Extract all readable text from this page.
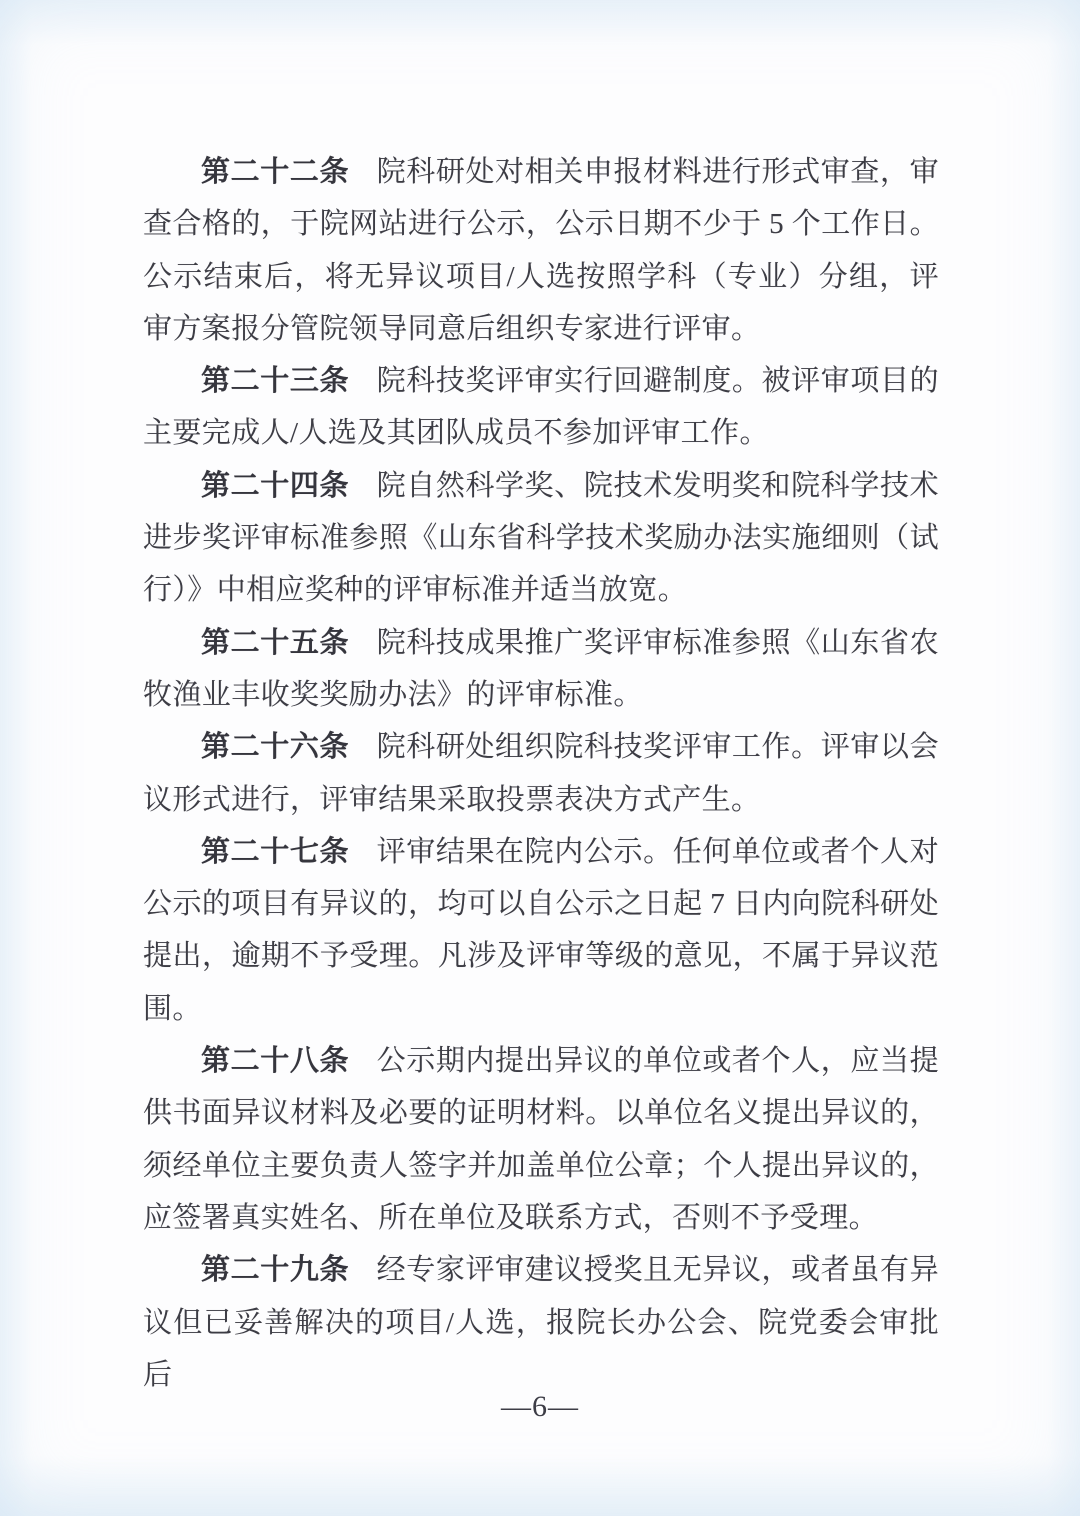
第二十二条 院科研处对相关申报材料进行形式审查，审查合格的，于院网站进行公示，公示日期不少于 5 个工作日。公示结束后，将无异议项目/人选按照学科（专业）分组，评审方案报分管院领导同意后组织专家进行评审。

第二十三条 院科技奖评审实行回避制度。被评审项目的主要完成人/人选及其团队成员不参加评审工作。

第二十四条 院自然科学奖、院技术发明奖和院科学技术进步奖评审标准参照《山东省科学技术奖励办法实施细则（试行）》中相应奖种的评审标准并适当放宽。

第二十五条 院科技成果推广奖评审标准参照《山东省农牧渔业丰收奖奖励办法》的评审标准。

第二十六条 院科研处组织院科技奖评审工作。评审以会议形式进行，评审结果采取投票表决方式产生。

第二十七条 评审结果在院内公示。任何单位或者个人对公示的项目有异议的，均可以自公示之日起 7 日内向院科研处提出，逾期不予受理。凡涉及评审等级的意见，不属于异议范围。

第二十八条 公示期内提出异议的单位或者个人，应当提供书面异议材料及必要的证明材料。以单位名义提出异议的，须经单位主要负责人签字并加盖单位公章；个人提出异议的，应签署真实姓名、所在单位及联系方式，否则不予受理。

第二十九条 经专家评审建议授奖且无异议，或者虽有异议但已妥善解决的项目/人选，报院长办公会、院党委会审批后

—6—
